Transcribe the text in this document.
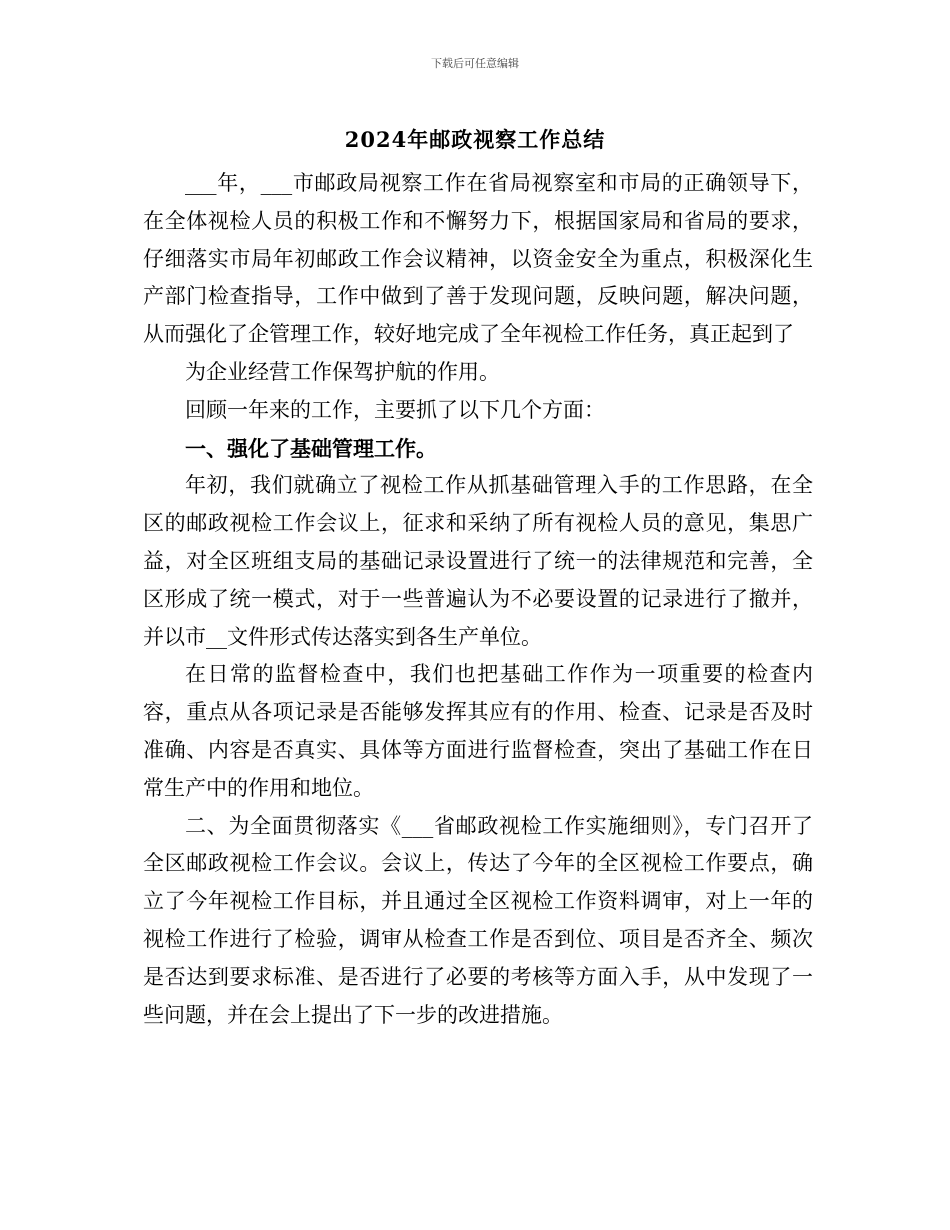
下载后可任意编辑
2024年邮政视察工作总结

___年，___市邮政局视察工作在省局视察室和市局的正确领导下，在全体视检人员的积极工作和不懈努力下，根据国家局和省局的要求，仔细落实市局年初邮政工作会议精神，以资金安全为重点，积极深化生产部门检查指导，工作中做到了善于发现问题，反映问题，解决问题，从而强化了企管理工作，较好地完成了全年视检工作任务，真正起到了

为企业经营工作保驾护航的作用。

回顾一年来的工作，主要抓了以下几个方面：

一、强化了基础管理工作。

年初，我们就确立了视检工作从抓基础管理入手的工作思路，在全区的邮政视检工作会议上，征求和采纳了所有视检人员的意见，集思广益，对全区班组支局的基础记录设置进行了统一的法律规范和完善，全区形成了统一模式，对于一些普遍认为不必要设置的记录进行了撤并，并以市__文件形式传达落实到各生产单位。

在日常的监督检查中，我们也把基础工作作为一项重要的检查内容，重点从各项记录是否能够发挥其应有的作用、检查、记录是否及时准确、内容是否真实、具体等方面进行监督检查，突出了基础工作在日常生产中的作用和地位。

二、为全面贯彻落实《___省邮政视检工作实施细则》，专门召开了全区邮政视检工作会议。会议上，传达了今年的全区视检工作要点，确立了今年视检工作目标，并且通过全区视检工作资料调审，对上一年的视检工作进行了检验，调审从检查工作是否到位、项目是否齐全、频次是否达到要求标准、是否进行了必要的考核等方面入手，从中发现了一些问题，并在会上提出了下一步的改进措施。
